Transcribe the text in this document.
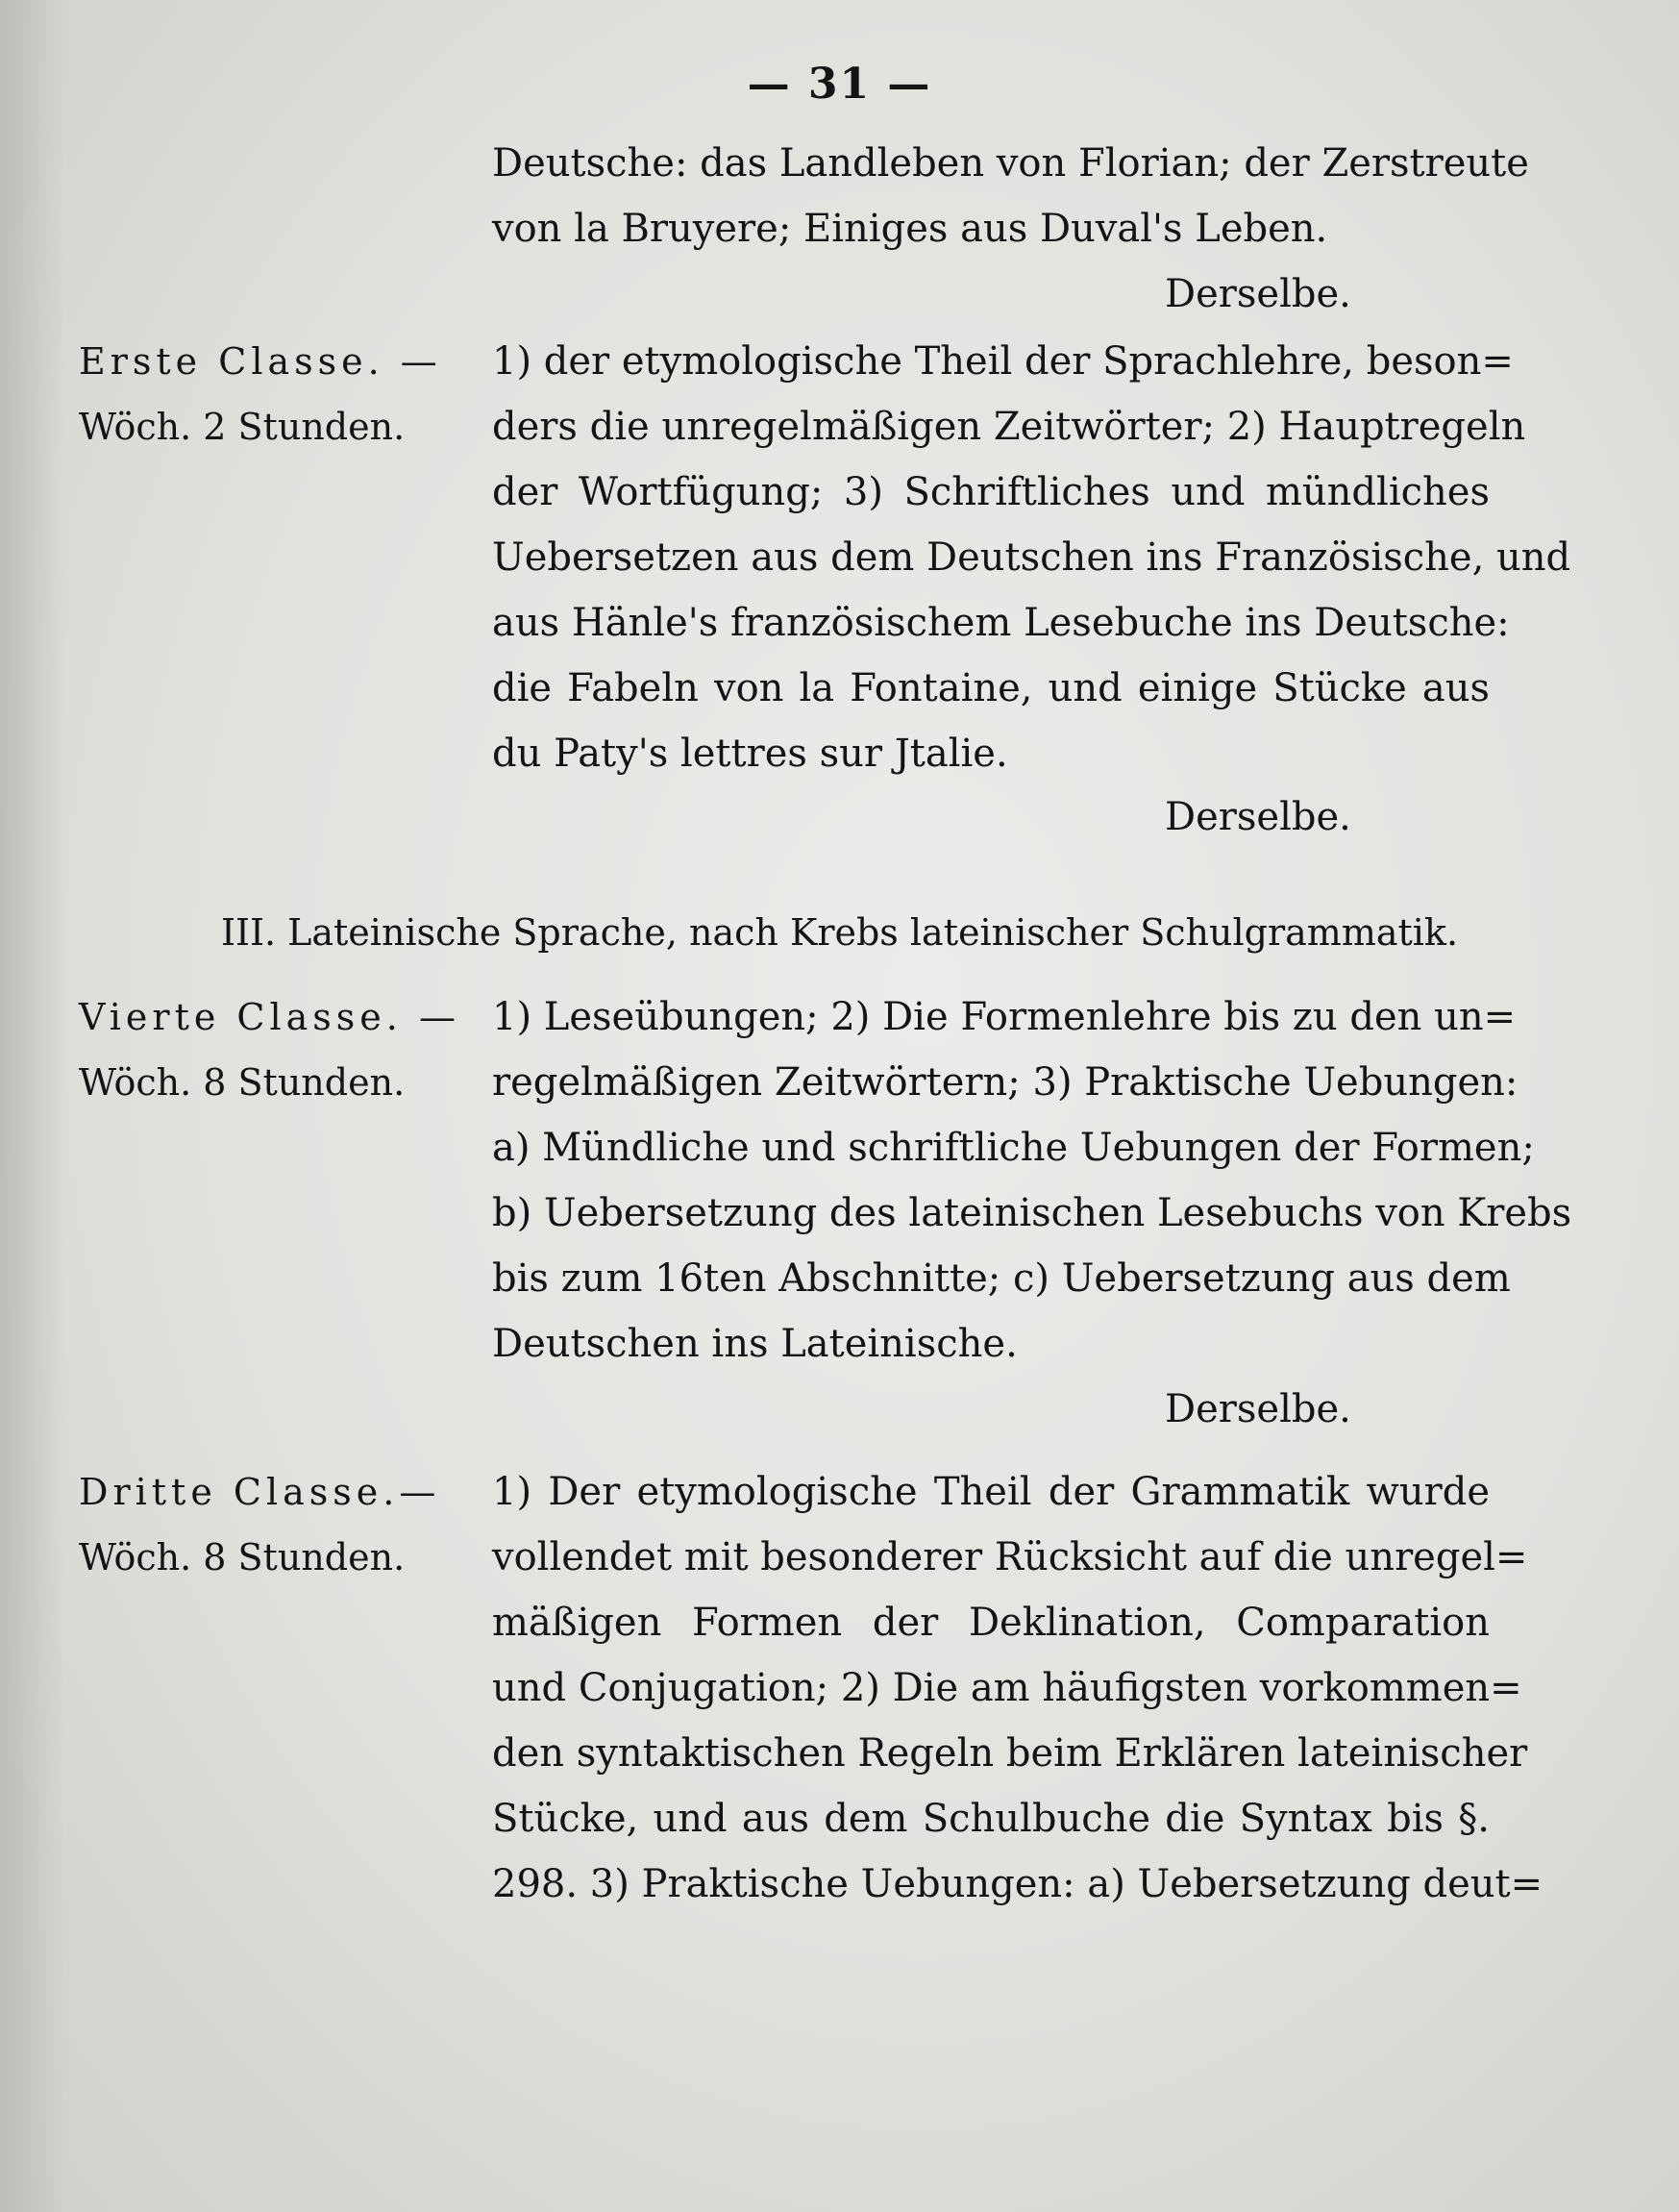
— 31 —
Deutsche: das Landleben von Florian; der Zerstreute
von la Bruyere; Einiges aus Duval's Leben.
Derselbe.
Erste Classe. —
Wöch. 2 Stunden.
1) der etymologische Theil der Sprachlehre, beson=
ders die unregelmäßigen Zeitwörter; 2) Hauptregeln
der Wortfügung; 3) Schriftliches und mündliches
Uebersetzen aus dem Deutschen ins Französische, und
aus Hänle's französischem Lesebuche ins Deutsche:
die Fabeln von la Fontaine, und einige Stücke aus
du Paty's lettres sur Jtalie.
Derselbe.
III. Lateinische Sprache, nach Krebs lateinischer Schulgrammatik.
Vierte Classe. —
Wöch. 8 Stunden.
1) Leseübungen; 2) Die Formenlehre bis zu den un=
regelmäßigen Zeitwörtern; 3) Praktische Uebungen:
a) Mündliche und schriftliche Uebungen der Formen;
b) Uebersetzung des lateinischen Lesebuchs von Krebs
bis zum 16ten Abschnitte; c) Uebersetzung aus dem
Deutschen ins Lateinische.
Derselbe.
Dritte Classe.—
Wöch. 8 Stunden.
1) Der etymologische Theil der Grammatik wurde
vollendet mit besonderer Rücksicht auf die unregel=
mäßigen Formen der Deklination, Comparation
und Conjugation; 2) Die am häufigsten vorkommen=
den syntaktischen Regeln beim Erklären lateinischer
Stücke, und aus dem Schulbuche die Syntax bis §.
298. 3) Praktische Uebungen: a) Uebersetzung deut=
